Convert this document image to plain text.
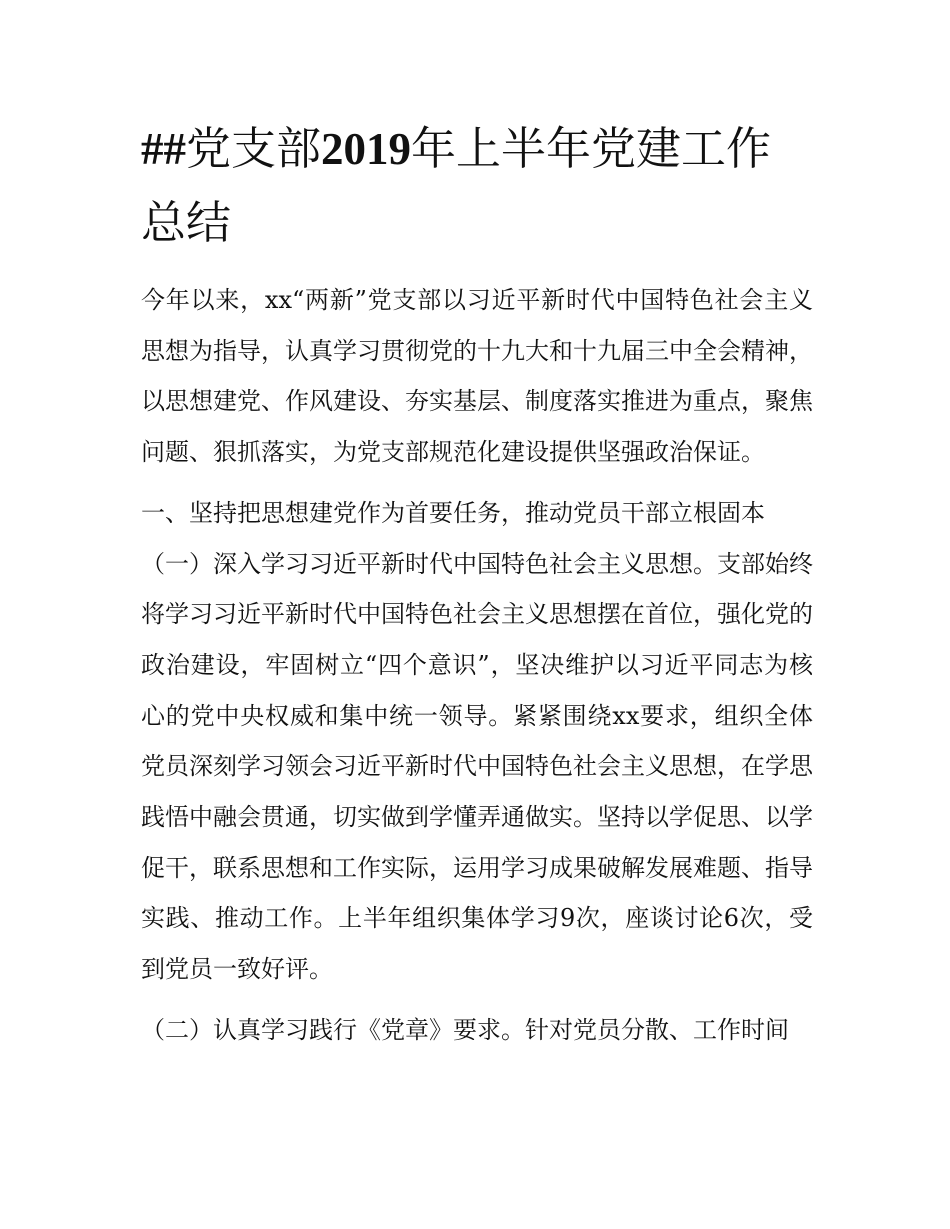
##党支部2019年上半年党建工作总结

今年以来，xx“两新”党支部以习近平新时代中国特色社会主义思想为指导，认真学习贯彻党的十九大和十九届三中全会精神，以思想建党、作风建设、夯实基层、制度落实推进为重点，聚焦问题、狠抓落实，为党支部规范化建设提供坚强政治保证。

一、坚持把思想建党作为首要任务，推动党员干部立根固本

（一）深入学习习近平新时代中国特色社会主义思想。支部始终将学习习近平新时代中国特色社会主义思想摆在首位，强化党的政治建设，牢固树立“四个意识”，坚决维护以习近平同志为核心的党中央权威和集中统一领导。紧紧围绕xx要求，组织全体党员深刻学习领会习近平新时代中国特色社会主义思想，在学思践悟中融会贯通，切实做到学懂弄通做实。坚持以学促思、以学促干，联系思想和工作实际，运用学习成果破解发展难题、指导实践、推动工作。上半年组织集体学习9次，座谈讨论6次，受到党员一致好评。

（二）认真学习践行《党章》要求。针对党员分散、工作时间
